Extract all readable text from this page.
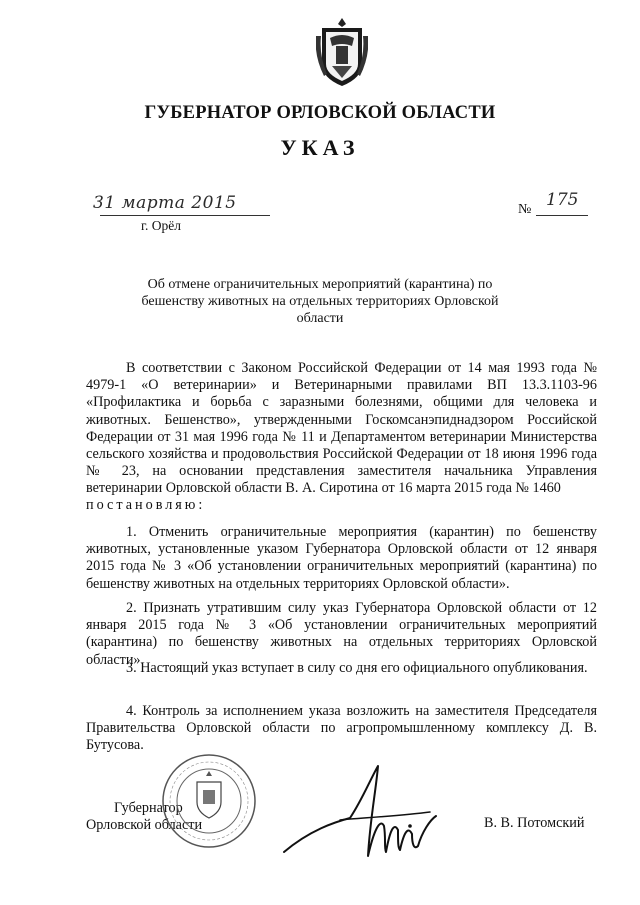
ГУБЕРНАТОР ОРЛОВСКОЙ ОБЛАСТИ
УКАЗ
31 марта 2015	№ 175
г. Орёл
Об отмене ограничительных мероприятий (карантина) по бешенству животных на отдельных территориях Орловской области
В соответствии с Законом Российской Федерации от 14 мая 1993 года № 4979-1 «О ветеринарии» и Ветеринарными правилами ВП 13.3.1103-96 «Профилактика и борьба с заразными болезнями, общими для человека и животных. Бешенство», утвержденными Госкомсанэпиднадзором Российской Федерации от 31 мая 1996 года № 11 и Департаментом ветеринарии Министерства сельского хозяйства и продовольствия Российской Федерации от 18 июня 1996 года № 23, на основании представления заместителя начальника Управления ветеринарии Орловской области В. А. Сиротина от 16 марта 2015 года № 1460
постановляю:
1. Отменить ограничительные мероприятия (карантин) по бешенству животных, установленные указом Губернатора Орловской области от 12 января 2015 года № 3 «Об установлении ограничительных мероприятий (карантина) по бешенству животных на отдельных территориях Орловской области».
2. Признать утратившим силу указ Губернатора Орловской области от 12 января 2015 года № 3 «Об установлении ограничительных мероприятий (карантина) по бешенству животных на отдельных территориях Орловской области».
3. Настоящий указ вступает в силу со дня его официального опубликования.
4. Контроль за исполнением указа возложить на заместителя Председателя Правительства Орловской области по агропромышленному комплексу Д. В. Бутусова.
Губернатор
Орловской области	В. В. Потомский
